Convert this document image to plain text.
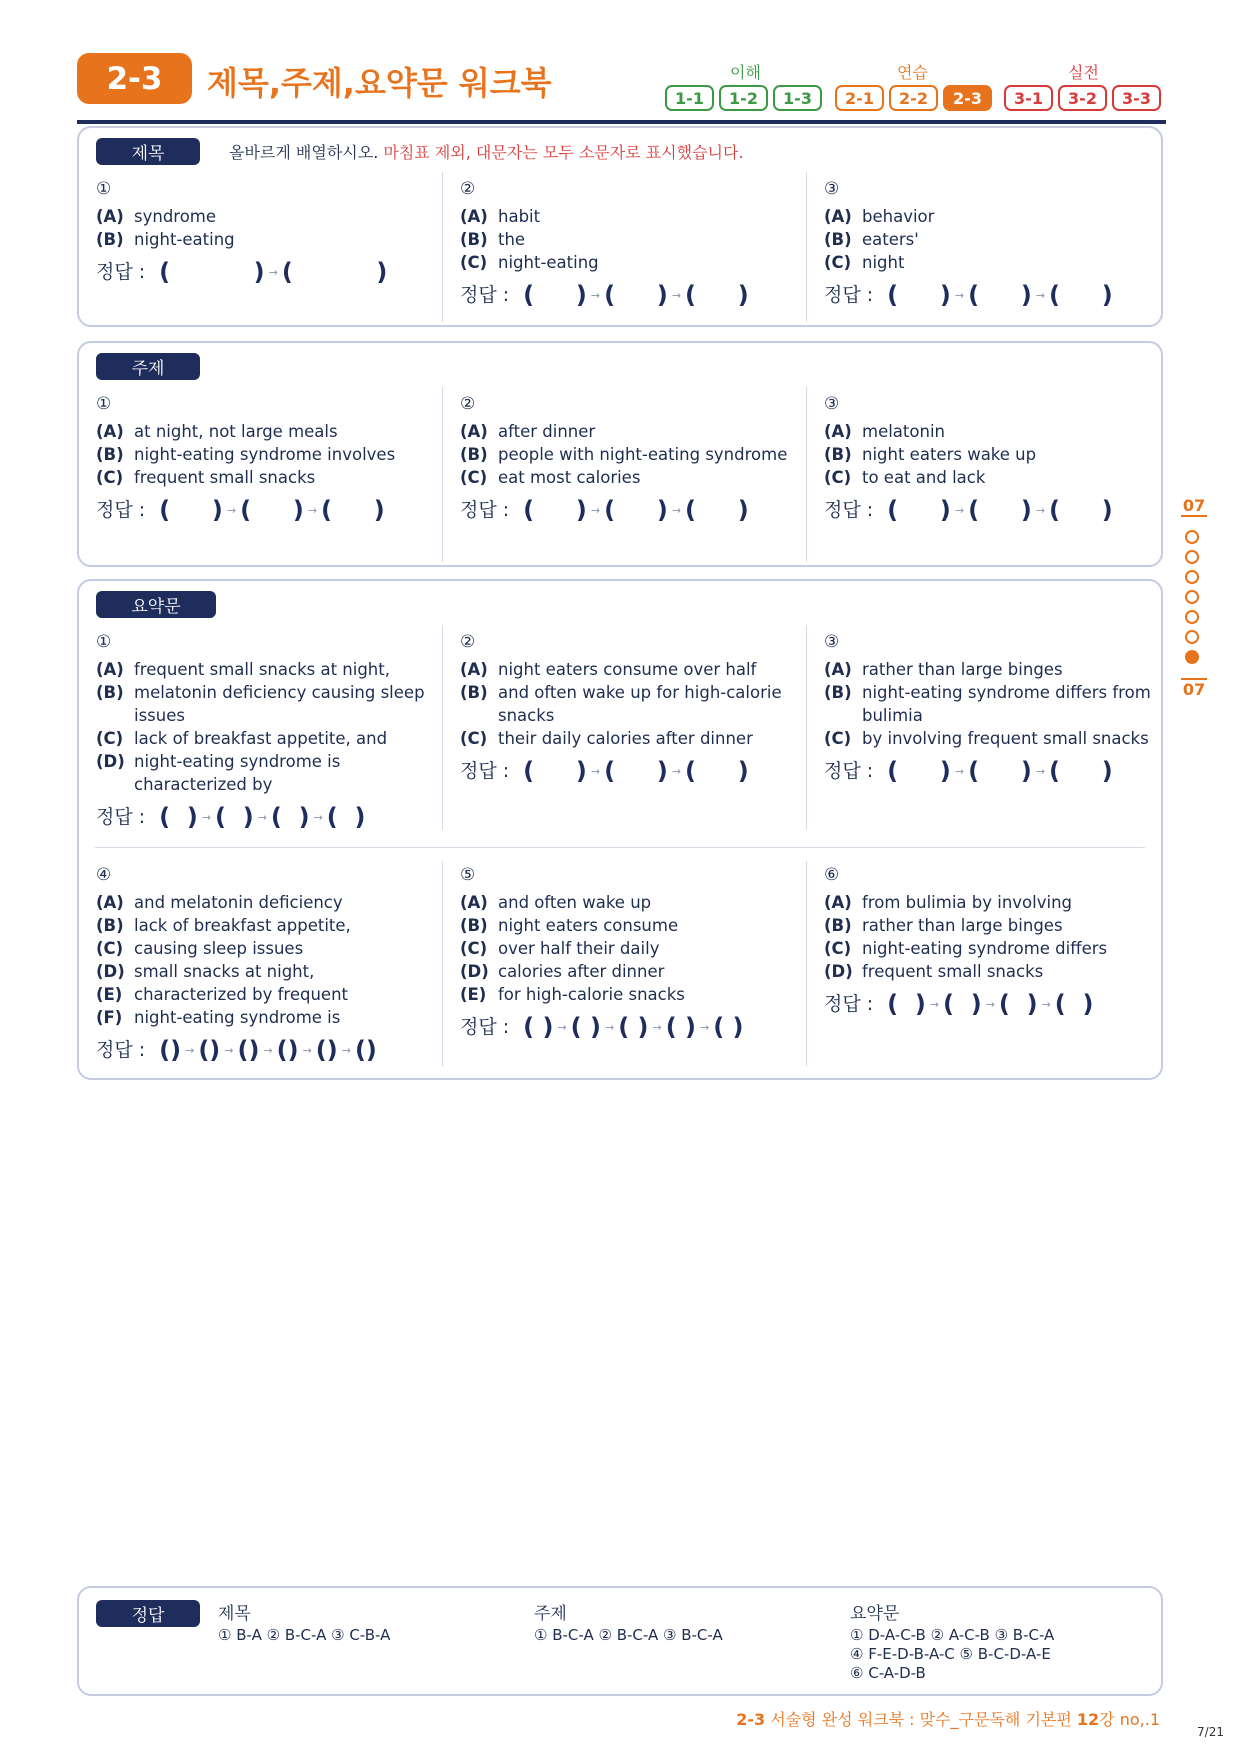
2-3	제목,주제,요약문 워크북	이해	연습	실전
1-1	1-2	1-3	2-1	2-2	2-3	3-1	3-2	3-3
제목	올바르게 배열하시오. 마침표 제외, 대문자는 모두 소문자로 표시했습니다.
①
(A) syndrome
(B) night-eating
정답 : (          ) → (          )
②
(A) habit
(B) the
(C) night-eating
정답 : (     ) → (     ) → (     )
③
(A) behavior
(B) eaters'
(C) night
정답 : (     ) → (     ) → (     )
주제
①
(A) at night, not large meals
(B) night-eating syndrome involves
(C) frequent small snacks
정답 : (     ) → (     ) → (     )
②
(A) after dinner
(B) people with night-eating syndrome
(C) eat most calories
정답 : (     ) → (     ) → (     )
③
(A) melatonin
(B) night eaters wake up
(C) to eat and lack
정답 : (     ) → (     ) → (     )
요약문
①
(A) frequent small snacks at night,
(B) melatonin deficiency causing sleep issues
(C) lack of breakfast appetite, and
(D) night-eating syndrome is characterized by
정답 : (  ) → (  ) → (  ) → (  )
②
(A) night eaters consume over half
(B) and often wake up for high-calorie snacks
(C) their daily calories after dinner
정답 : (     ) → (     ) → (     )
③
(A) rather than large binges
(B) night-eating syndrome differs from bulimia
(C) by involving frequent small snacks
정답 : (     ) → (     ) → (     )
④
(A) and melatonin deficiency
(B) lack of breakfast appetite,
(C) causing sleep issues
(D) small snacks at night,
(E) characterized by frequent
(F) night-eating syndrome is
정답 : () → () → () → () → () → ()
⑤
(A) and often wake up
(B) night eaters consume
(C) over half their daily
(D) calories after dinner
(E) for high-calorie snacks
정답 : ( ) → ( ) → ( ) → ( ) → ( )
⑥
(A) from bulimia by involving
(B) rather than large binges
(C) night-eating syndrome differs
(D) frequent small snacks
정답 : (  ) → (  ) → (  ) → (  )
07
07
정답	제목
① B-A ② B-C-A ③ C-B-A
주제
① B-C-A ② B-C-A ③ B-C-A
요약문
① D-A-C-B ② A-C-B ③ B-C-A
④ F-E-D-B-A-C ⑤ B-C-D-A-E
⑥ C-A-D-B
2-3 서술형 완성 워크북 : 맞수_구문독해 기본편 12강 no,.1
7/21
